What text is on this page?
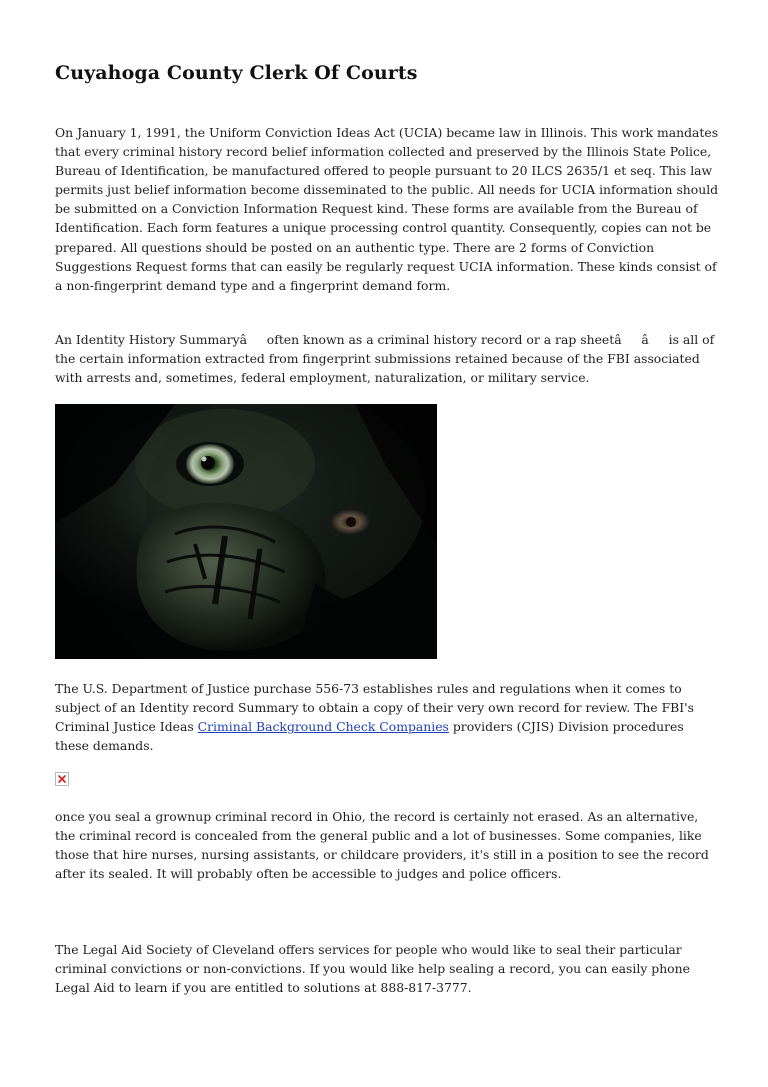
Cuyahoga County Clerk Of Courts

On January 1, 1991, the Uniform Conviction Ideas Act (UCIA) became law in Illinois. This work mandates that every criminal history record belief information collected and preserved by the Illinois State Police, Bureau of Identification, be manufactured offered to people pursuant to 20 ILCS 2635/1 et seq. This law permits just belief information become disseminated to the public. All needs for UCIA information should be submitted on a Conviction Information Request kind. These forms are available from the Bureau of Identification. Each form features a unique processing control quantity. Consequently, copies can not be prepared. All questions should be posted on an authentic type. There are 2 forms of Conviction Suggestions Request forms that can easily be regularly request UCIA information. These kinds consist of a non-fingerprint demand type and a fingerprint demand form.

An Identity History Summaryâoften known as a criminal history record or a rap sheetââis all of the certain information extracted from fingerprint submissions retained because of the FBI associated with arrests and, sometimes, federal employment, naturalization, or military service.

The U.S. Department of Justice purchase 556-73 establishes rules and regulations when it comes to subject of an Identity record Summary to obtain a copy of their very own record for review. The FBI's Criminal Justice Ideas Criminal Background Check Companies providers (CJIS) Division procedures these demands.

once you seal a grownup criminal record in Ohio, the record is certainly not erased. As an alternative, the criminal record is concealed from the general public and a lot of businesses. Some companies, like those that hire nurses, nursing assistants, or childcare providers, it's still in a position to see the record after its sealed. It will probably often be accessible to judges and police officers.

The Legal Aid Society of Cleveland offers services for people who would like to seal their particular criminal convictions or non-convictions. If you would like help sealing a record, you can easily phone Legal Aid to learn if you are entitled to solutions at 888-817-3777.
